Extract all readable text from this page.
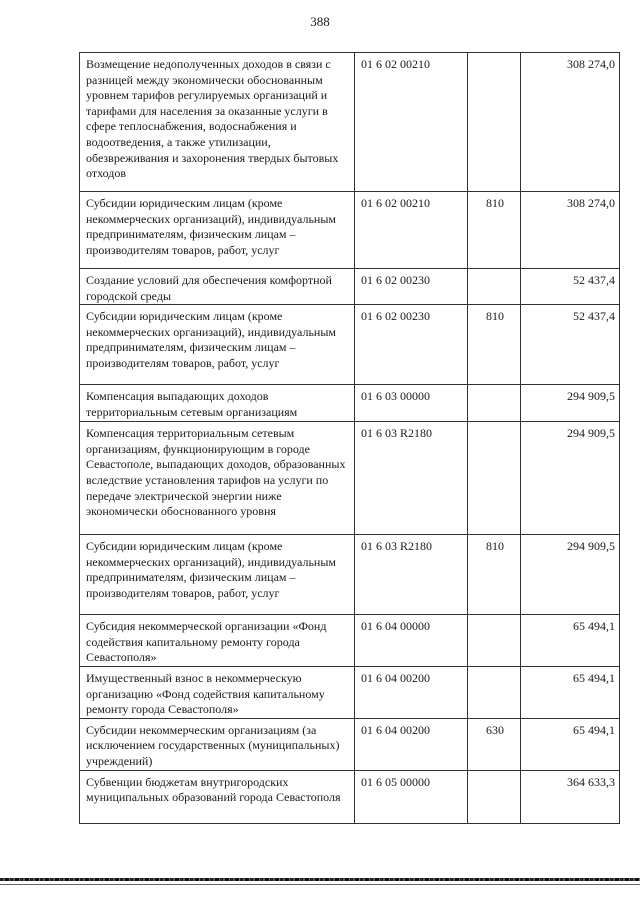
388
Возмещение недополученных доходов в связи с разницей между экономически обоснованным уровнем тарифов регулируемых организаций и тарифами для населения за оказанные услуги в сфере теплоснабжения, водоснабжения и водоотведения, а также утилизации, обезвреживания и захоронения твердых бытовых отходов	01 6 02 00210		308 274,0
Субсидии юридическим лицам (кроме некоммерческих организаций), индивидуальным предпринимателям, физическим лицам – производителям товаров, работ, услуг	01 6 02 00210	810	308 274,0
Создание условий для обеспечения комфортной городской среды	01 6 02 00230		52 437,4
Субсидии юридическим лицам (кроме некоммерческих организаций), индивидуальным предпринимателям, физическим лицам – производителям товаров, работ, услуг	01 6 02 00230	810	52 437,4
Компенсация выпадающих доходов территориальным сетевым организациям	01 6 03 00000		294 909,5
Компенсация территориальным сетевым организациям, функционирующим в городе Севастополе, выпадающих доходов, образованных вследствие установления тарифов на услуги по передаче электрической энергии ниже экономически обоснованного уровня	01 6 03 R2180		294 909,5
Субсидии юридическим лицам (кроме некоммерческих организаций), индивидуальным предпринимателям, физическим лицам – производителям товаров, работ, услуг	01 6 03 R2180	810	294 909,5
Субсидия некоммерческой организации «Фонд содействия капитальному ремонту города Севастополя»	01 6 04 00000		65 494,1
Имущественный взнос в некоммерческую организацию «Фонд содействия капитальному ремонту города Севастополя»	01 6 04 00200		65 494,1
Субсидии некоммерческим организациям (за исключением государственных (муниципальных) учреждений)	01 6 04 00200	630	65 494,1
Субвенции бюджетам внутригородских муниципальных образований города Севастополя	01 6 05 00000		364 633,3
